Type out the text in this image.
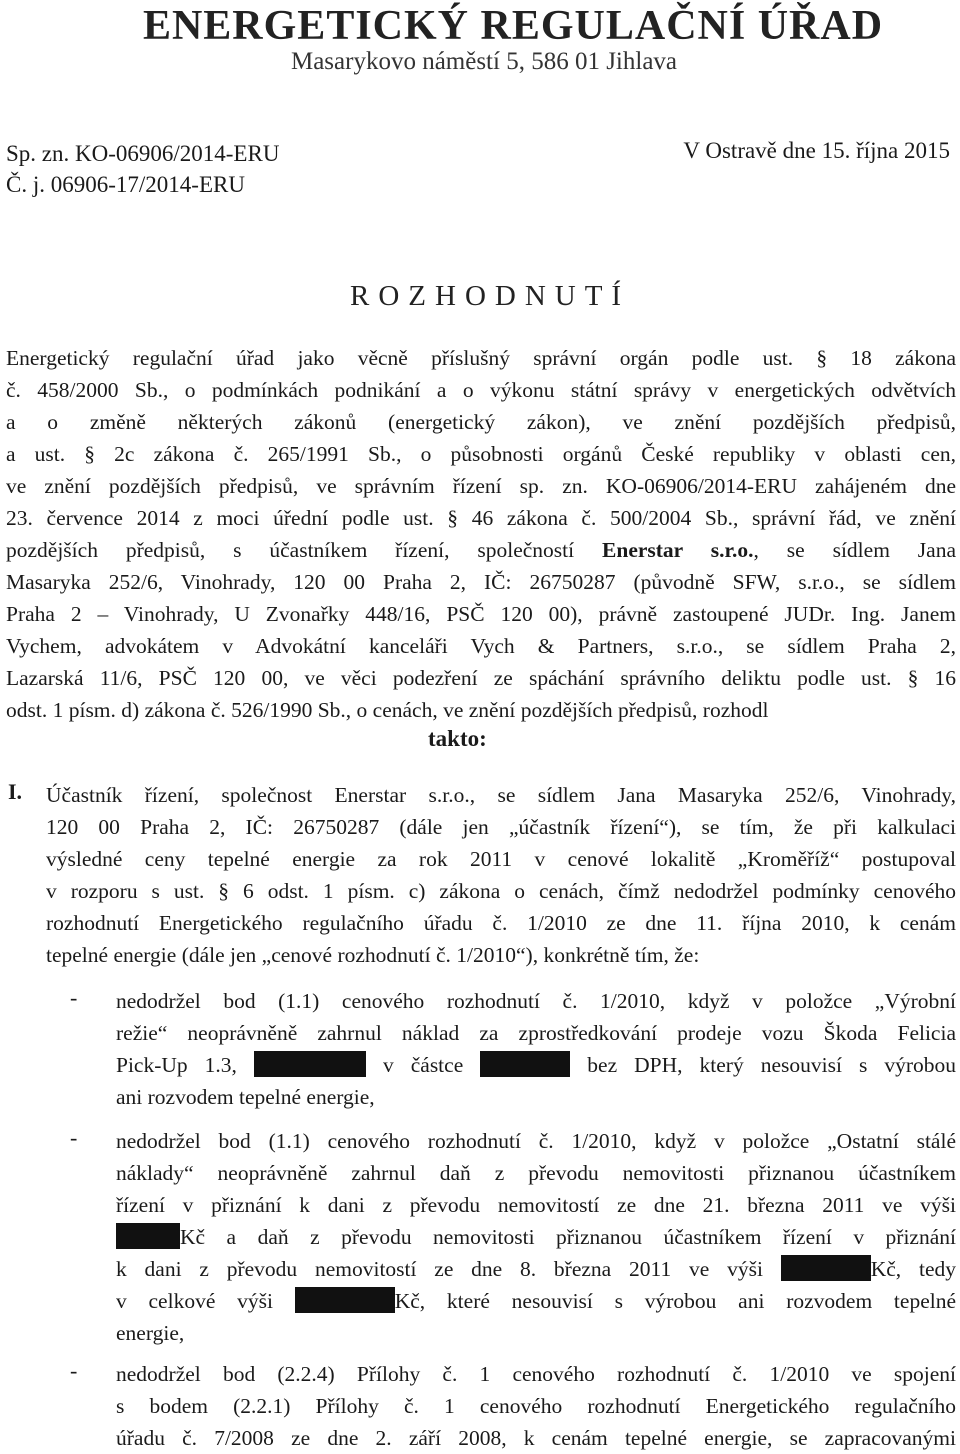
ENERGETICKÝ REGULAČNÍ ÚŘAD
Masarykovo náměstí 5, 586 01 Jihlava
Sp. zn. KO-06906/2014-ERU
Č. j. 06906-17/2014-ERU
V Ostravě dne 15. října 2015
ROZHODNUTÍ
Energetický regulační úřad jako věcně příslušný správní orgán podle ust. § 18 zákona
č. 458/2000 Sb., o podmínkách podnikání a o výkonu státní správy v energetických odvětvích
a o změně některých zákonů (energetický zákon), ve znění pozdějších předpisů,
a ust. § 2c zákona č. 265/1991 Sb., o působnosti orgánů České republiky v oblasti cen,
ve znění pozdějších předpisů, ve správním řízení sp. zn. KO-06906/2014-ERU zahájeném dne
23. července 2014 z moci úřední podle ust. § 46 zákona č. 500/2004 Sb., správní řád, ve znění
pozdějších předpisů, s účastníkem řízení, společností Enerstar s.r.o., se sídlem Jana
Masaryka 252/6, Vinohrady, 120 00 Praha 2, IČ: 26750287 (původně SFW, s.r.o., se sídlem
Praha 2 – Vinohrady, U Zvonařky 448/16, PSČ 120 00), právně zastoupené JUDr. Ing. Janem
Vychem, advokátem v Advokátní kanceláři Vych & Partners, s.r.o., se sídlem Praha 2,
Lazarská 11/6, PSČ 120 00, ve věci podezření ze spáchání správního deliktu podle ust. § 16
odst. 1 písm. d) zákona č. 526/1990 Sb., o cenách, ve znění pozdějších předpisů, rozhodl
takto:
I. Účastník řízení, společnost Enerstar s.r.o., se sídlem Jana Masaryka 252/6, Vinohrady,
120 00 Praha 2, IČ: 26750287 (dále jen „účastník řízení“), se tím, že při kalkulaci
výsledné ceny tepelné energie za rok 2011 v cenové lokalitě „Kroměříž“ postupoval
v rozporu s ust. § 6 odst. 1 písm. c) zákona o cenách, čímž nedodržel podmínky cenového
rozhodnutí Energetického regulačního úřadu č. 1/2010 ze dne 11. října 2010, k cenám
tepelné energie (dále jen „cenové rozhodnutí č. 1/2010“), konkrétně tím, že:
- nedodržel bod (1.1) cenového rozhodnutí č. 1/2010, když v položce „Výrobní
režie“ neoprávněně zahrnul náklad za zprostředkování prodeje vozu Škoda Felicia
Pick-Up 1.3,	v částce	bez DPH, který nesouvisí s výrobou
ani rozvodem tepelné energie,
- nedodržel bod (1.1) cenového rozhodnutí č. 1/2010, když v položce „Ostatní stálé
náklady“ neoprávněně zahrnul daň z převodu nemovitosti přiznanou účastníkem
řízení v přiznání k dani z převodu nemovitostí ze dne 21. března 2011 ve výši
Kč a daň z převodu nemovitosti přiznanou účastníkem řízení v přiznání
k dani z převodu nemovitostí ze dne 8. března 2011 ve výši	Kč, tedy
v celkové výši	Kč, které nesouvisí s výrobou ani rozvodem tepelné
energie,
- nedodržel bod (2.2.4) Přílohy č. 1 cenového rozhodnutí č. 1/2010 ve spojení
s bodem (2.2.1) Přílohy č. 1 cenového rozhodnutí Energetického regulačního
úřadu č. 7/2008 ze dne 2. září 2008, k cenám tepelné energie, se zapracovanými
